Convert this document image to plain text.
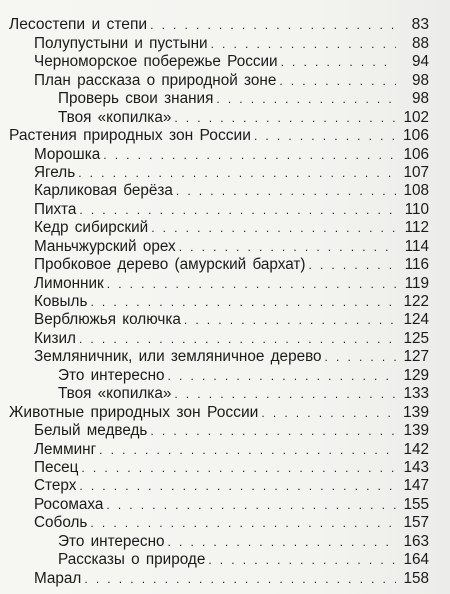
Лесостепи и степи . . .	83
Полупустыни и пустыни . . .	88
Черноморское побережье России . . .	94
План рассказа о природной зоне . . .	98
Проверь свои знания . . .	98
Твоя «копилка» . . .	102
Растения природных зон России . . .	106
Морошка . . .	106
Ягель . . .	107
Карликовая берёза . . .	108
Пихта . . .	110
Кедр сибирский . . .	112
Маньчжурский орех . . .	114
Пробковое дерево (амурский бархат) . . .	116
Лимонник . . .	119
Ковыль . . .	122
Верблюжья колючка . . .	124
Кизил . . .	125
Земляничник, или земляничное дерево . . .	127
Это интересно . . .	129
Твоя «копилка» . . .	133
Животные природных зон России . . .	139
Белый медведь . . .	139
Лемминг . . .	142
Песец . . .	143
Стерх . . .	147
Росомаха . . .	155
Соболь . . .	157
Это интересно . . .	163
Рассказы о природе . . .	164
Марал . . .	158
